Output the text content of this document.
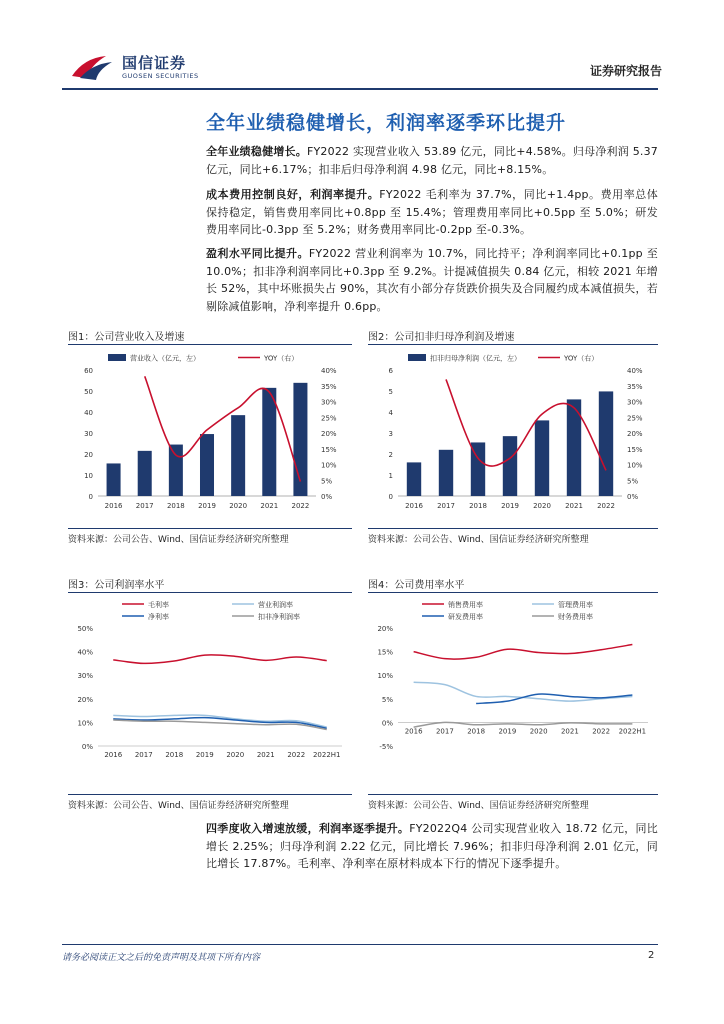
国信证券
GUOSEN SECURITIES	证券研究报告
全年业绩稳健增长，利润率逐季环比提升
全年业绩稳健增长。FY2022 实现营业收入 53.89 亿元，同比+4.58%。归母净利润 5.37 亿元，同比+6.17%；扣非后归母净利润 4.98 亿元，同比+8.15%。
成本费用控制良好，利润率提升。FY2022 毛利率为 37.7%，同比+1.4pp。费用率总体保持稳定，销售费用率同比+0.8pp 至 15.4%；管理费用率同比+0.5pp 至 5.0%；研发费用率同比-0.3pp 至 5.2%；财务费用率同比-0.2pp 至-0.3%。
盈利水平同比提升。FY2022 营业利润率为 10.7%，同比持平；净利润率同比+0.1pp 至 10.0%；扣非净利润率同比+0.3pp 至 9.2%。计提减值损失 0.84 亿元，相较 2021 年增长 52%，其中坏账损失占 90%，其次有小部分存货跌价损失及合同履约成本减值损失，若剔除减值影响，净利率提升 0.6pp。
图1：公司营业收入及增速	图2：公司扣非归母净利润及增速
0
10
20
30
40
50
60
0%
5%
10%
15%
20%
25%
30%
35%
40%
2016 2017 2018 2019 2020 2021 2022
营业收入（亿元，左）	YOY（右）
0
1
2
3
4
5
6
0%
5%
10%
15%
20%
25%
30%
35%
40%
2016 2017 2018 2019 2020 2021 2022
扣非归母净利润（亿元，左）	YOY（右）
资料来源：公司公告、Wind、国信证券经济研究所整理	资料来源：公司公告、Wind、国信证券经济研究所整理
图3：公司利润率水平	图4：公司费用率水平
0%
10%
20%
30%
40%
50%
2016 2017 2018 2019 2020 2021 2022 2022H1
毛利率	营业利润率
净利率	扣非净利润率
-5%
0%
5%
10%
15%
20%
2016 2017 2018 2019 2020 2021 2022 2022H1
销售费用率	管理费用率
研发费用率	财务费用率
资料来源：公司公告、Wind、国信证券经济研究所整理	资料来源：公司公告、Wind、国信证券经济研究所整理
四季度收入增速放缓，利润率逐季提升。FY2022Q4 公司实现营业收入 18.72 亿元，同比增长 2.25%；归母净利润 2.22 亿元，同比增长 7.96%；扣非归母净利润 2.01 亿元，同比增长 17.87%。毛利率、净利率在原材料成本下行的情况下逐季提升。
请务必阅读正文之后的免责声明及其项下所有内容	2
